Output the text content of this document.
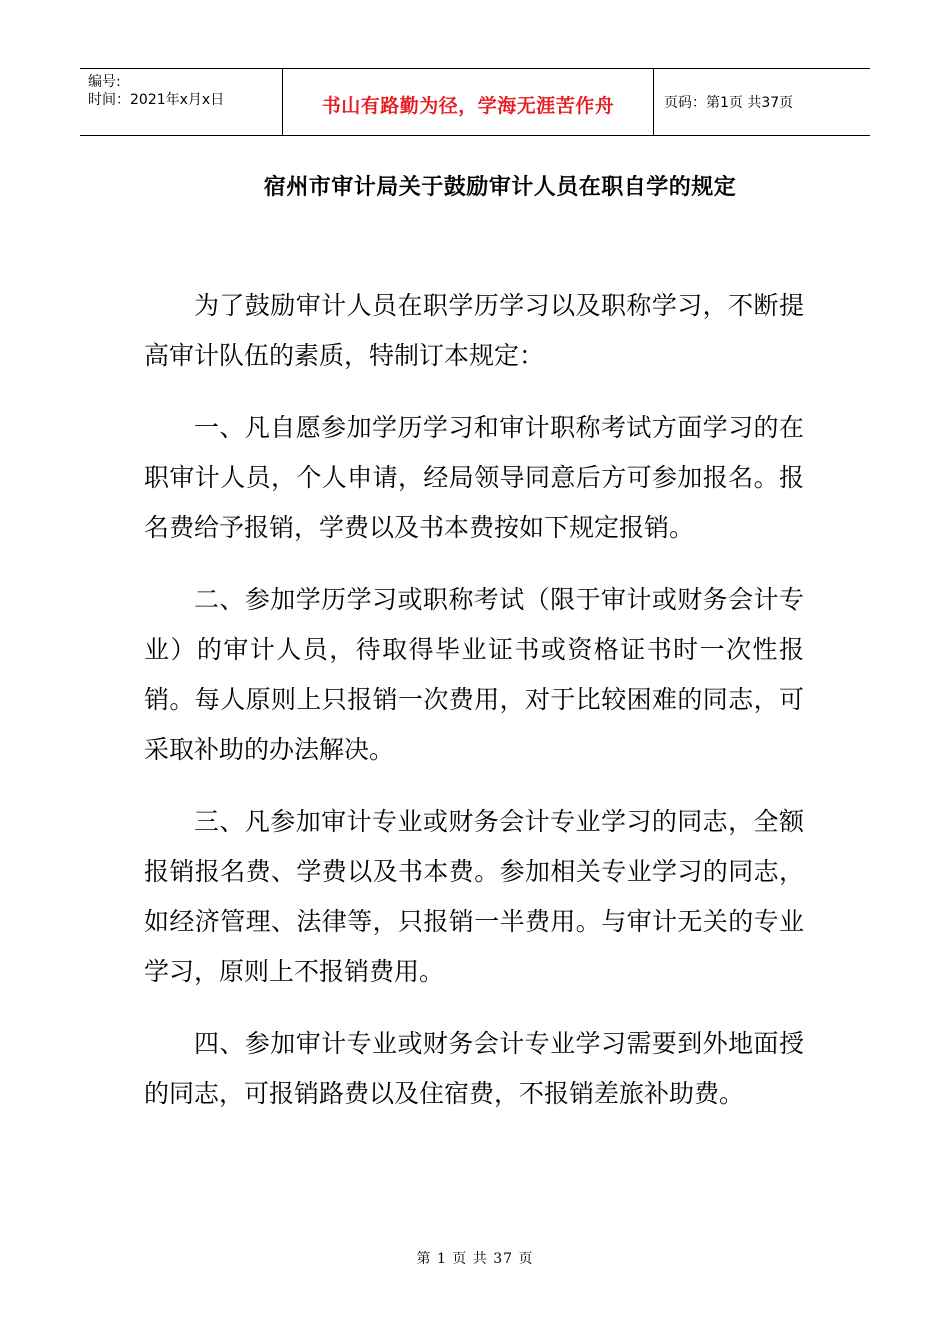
编号:
时间：2021年x月x日	书山有路勤为径，学海无涯苦作舟	页码：第1页 共37页
宿州市审计局关于鼓励审计人员在职自学的规定

为了鼓励审计人员在职学历学习以及职称学习，不断提高审计队伍的素质，特制订本规定：

一、凡自愿参加学历学习和审计职称考试方面学习的在职审计人员，个人申请，经局领导同意后方可参加报名。报名费给予报销，学费以及书本费按如下规定报销。

二、参加学历学习或职称考试（限于审计或财务会计专业）的审计人员，待取得毕业证书或资格证书时一次性报销。每人原则上只报销一次费用，对于比较困难的同志，可采取补助的办法解决。

三、凡参加审计专业或财务会计专业学习的同志，全额报销报名费、学费以及书本费。参加相关专业学习的同志，如经济管理、法律等，只报销一半费用。与审计无关的专业学习，原则上不报销费用。

四、参加审计专业或财务会计专业学习需要到外地面授的同志，可报销路费以及住宿费，不报销差旅补助费。

第 1 页 共 37 页
